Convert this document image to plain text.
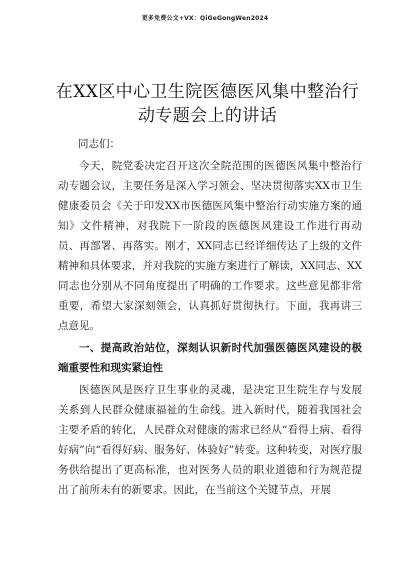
更多免费公文+VX：QiGeGongWen2024
在XX区中心卫生院医德医风集中整治行动专题会上的讲话

同志们：

今天，院党委决定召开这次全院范围的医德医风集中整治行动专题会议，主要任务是深入学习领会、坚决贯彻落实XX市卫生健康委员会《关于印发XX市医德医风集中整治行动实施方案的通知》文件精神，对我院下一阶段的医德医风建设工作进行再动员、再部署、再落实。刚才，XX同志已经详细传达了上级的文件精神和具体要求，并对我院的实施方案进行了解读，XX同志、XX同志也分别从不同角度提出了明确的工作要求。这些意见都非常重要，希望大家深刻领会，认真抓好贯彻执行。下面，我再讲三点意见。

一、提高政治站位，深刻认识新时代加强医德医风建设的极端重要性和现实紧迫性

医德医风是医疗卫生事业的灵魂，是决定卫生院生存与发展关系到人民群众健康福祉的生命线。进入新时代，随着我国社会主要矛盾的转化，人民群众对健康的需求已经从“看得上病、看得好病”向“看得好病、服务好、体验好”转变。这种转变，对医疗服务供给提出了更高标准，也对医务人员的职业道德和行为规范提出了前所未有的新要求。因此，在当前这个关键节点，开展
